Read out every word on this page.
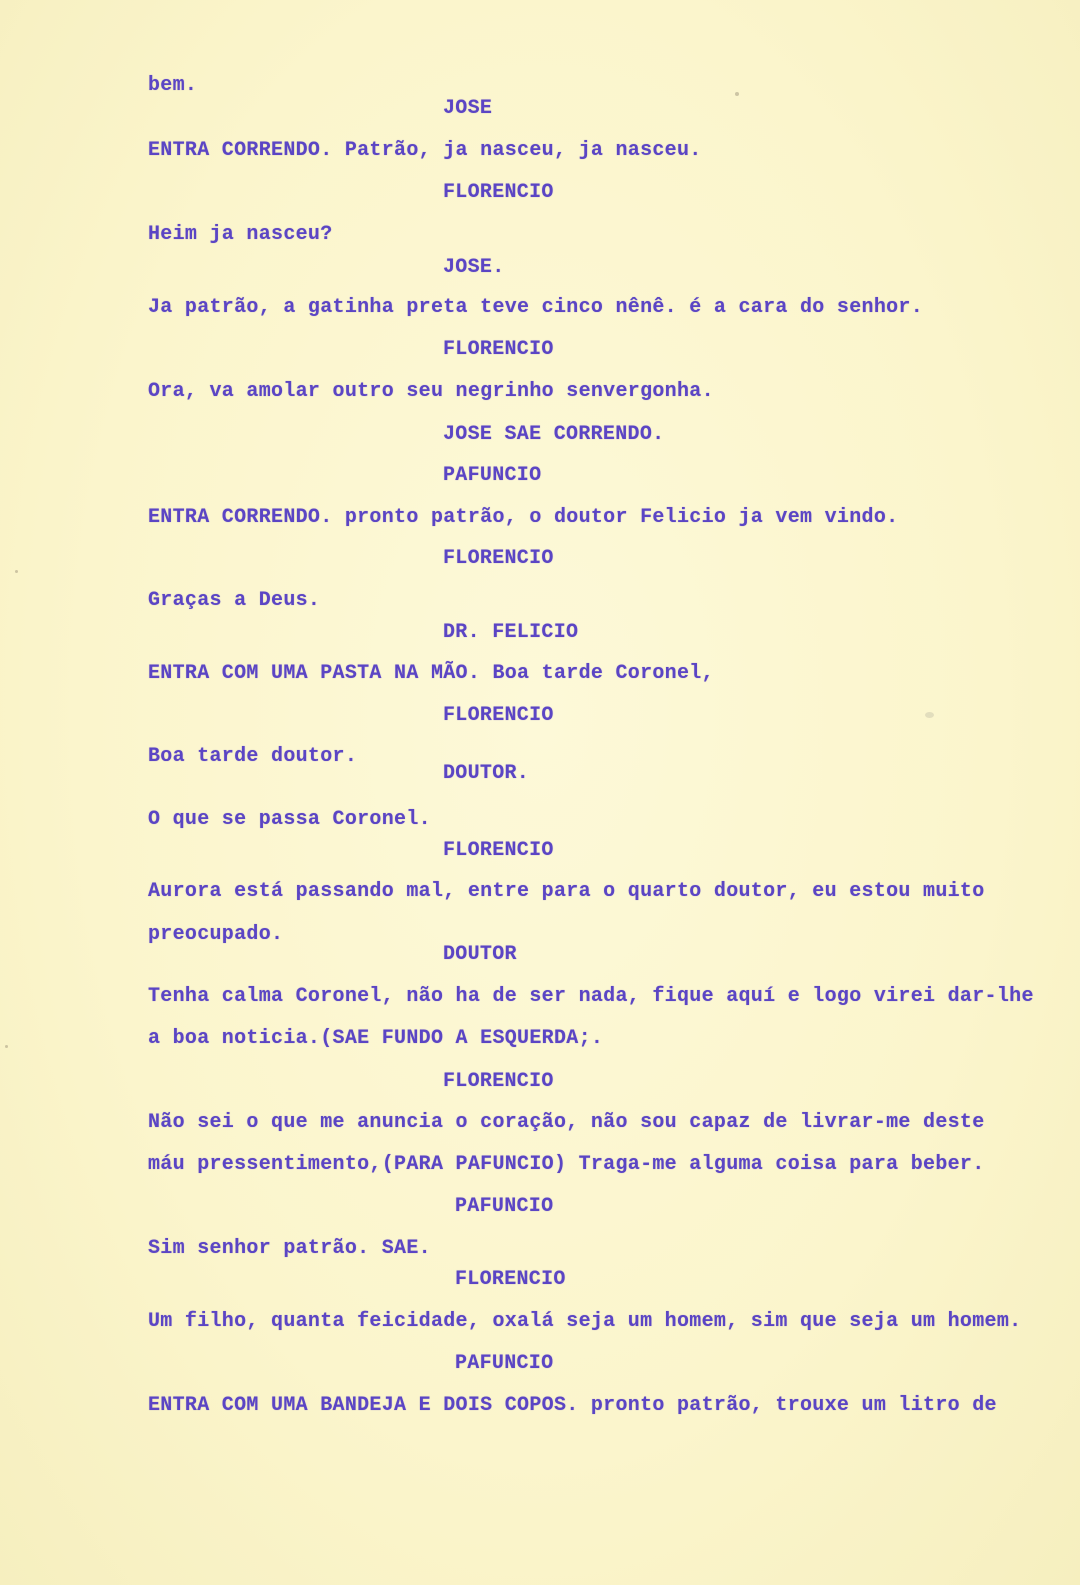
bem.
JOSE
ENTRA CORRENDO. Patrão, ja nasceu, ja nasceu.
FLORENCIO
Heim ja nasceu?
JOSE.
Ja patrão, a gatinha preta teve cinco nênê. é a cara do senhor.
FLORENCIO
Ora, va amolar outro seu negrinho senvergonha.
JOSE SAE CORRENDO.
PAFUNCIO
ENTRA CORRENDO. pronto patrão, o doutor Felicio ja vem vindo.
FLORENCIO
Graças a Deus.
DR. FELICIO
ENTRA COM UMA PASTA NA MÃO. Boa tarde Coronel,
FLORENCIO
Boa tarde doutor.
DOUTOR.
O que se passa Coronel.
FLORENCIO
Aurora está passando mal, entre para o quarto doutor, eu estou muito
preocupado.
DOUTOR
Tenha calma Coronel, não ha de ser nada, fique aquí e logo virei dar-lhe
a boa noticia.(SAE FUNDO A ESQUERDA;.
FLORENCIO
Não sei o que me anuncia o coração, não sou capaz de livrar-me deste
máu pressentimento,(PARA PAFUNCIO) Traga-me alguma coisa para beber.
PAFUNCIO
Sim senhor patrão. SAE.
FLORENCIO
Um filho, quanta feicidade, oxalá seja um homem, sim que seja um homem.
PAFUNCIO
ENTRA COM UMA BANDEJA E DOIS COPOS. pronto patrão, trouxe um litro de
